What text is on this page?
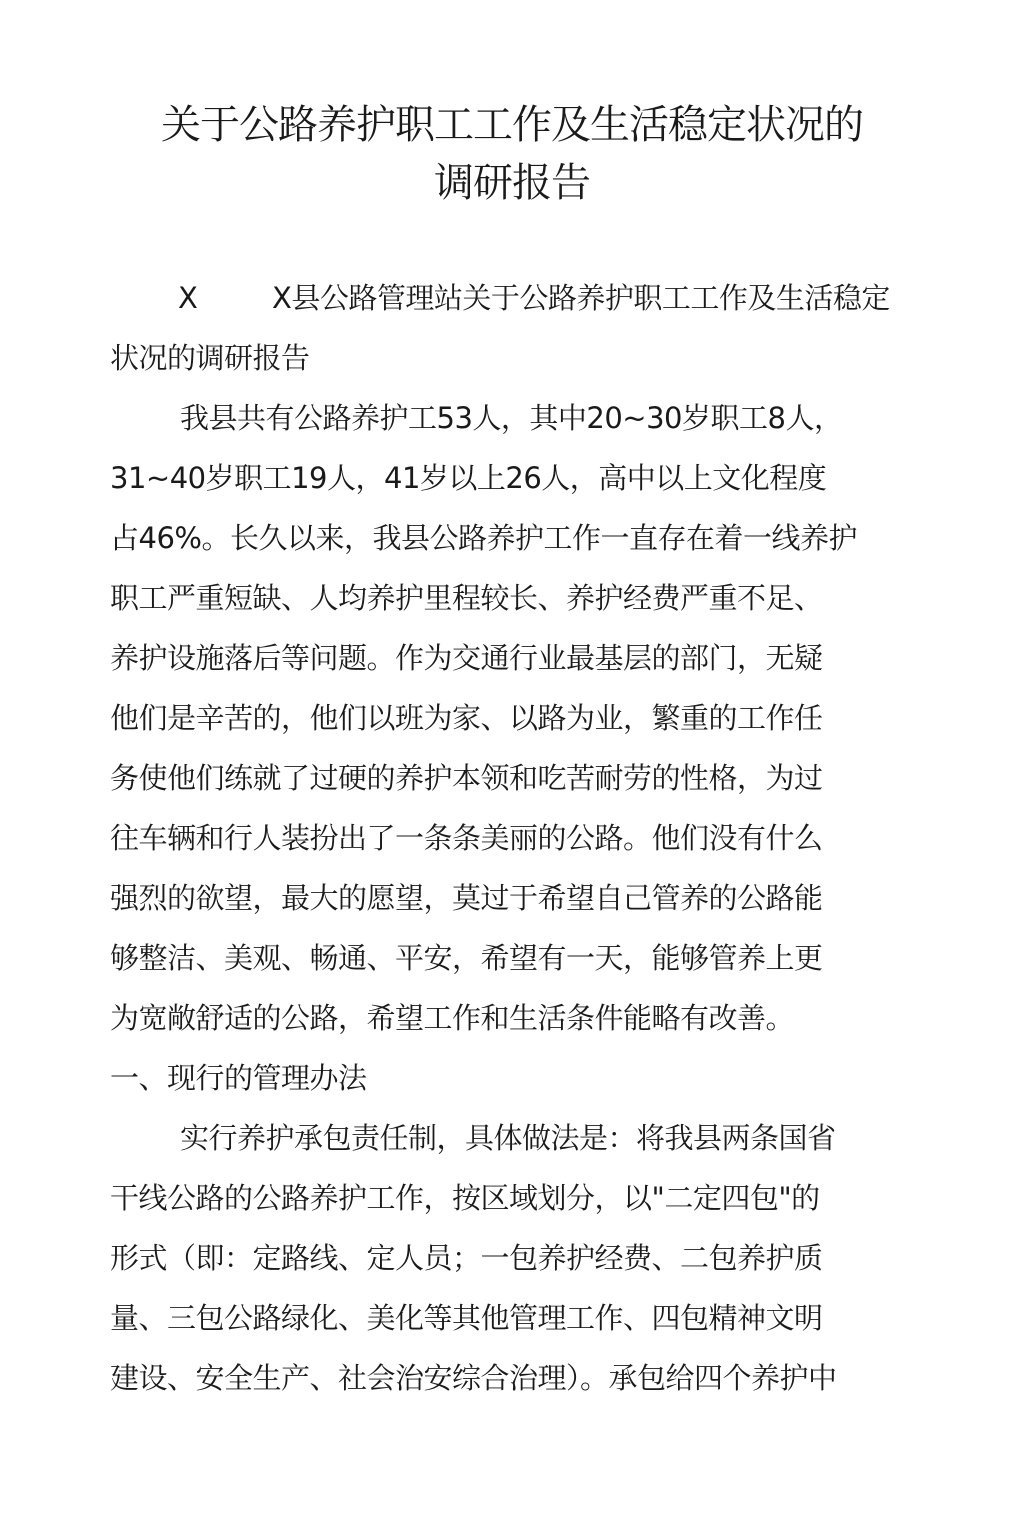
关于公路养护职工工作及生活稳定状况的
调研报告
X	X县公路管理站关于公路养护职工工作及生活稳定
状况的调研报告
我县共有公路养护工53人，其中20~30岁职工8人，
31~40岁职工19人，41岁以上26人，高中以上文化程度
占46%。长久以来，我县公路养护工作一直存在着一线养护
职工严重短缺、人均养护里程较长、养护经费严重不足、
养护设施落后等问题。作为交通行业最基层的部门，无疑
他们是辛苦的，他们以班为家、以路为业，繁重的工作任
务使他们练就了过硬的养护本领和吃苦耐劳的性格，为过
往车辆和行人装扮出了一条条美丽的公路。他们没有什么
强烈的欲望，最大的愿望，莫过于希望自己管养的公路能
够整洁、美观、畅通、平安，希望有一天，能够管养上更
为宽敞舒适的公路，希望工作和生活条件能略有改善。
一、现行的管理办法
实行养护承包责任制，具体做法是：将我县两条国省
干线公路的公路养护工作，按区域划分，以"二定四包"的
形式（即：定路线、定人员；一包养护经费、二包养护质
量、三包公路绿化、美化等其他管理工作、四包精神文明
建设、安全生产、社会治安综合治理）。承包给四个养护中
